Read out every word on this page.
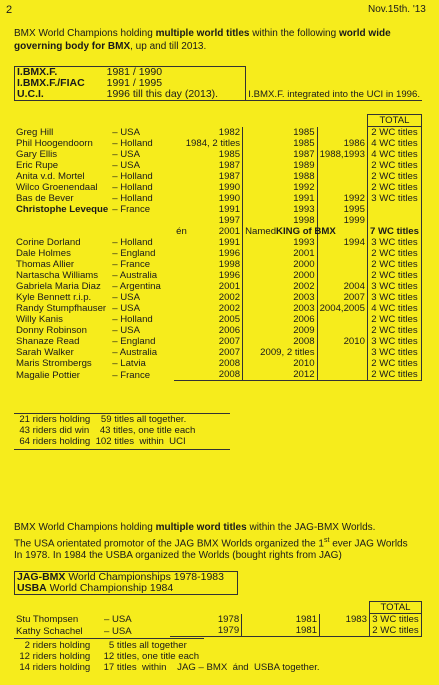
2	Nov.15th. '13
BMX World Champions holding multiple world titles within the following world wide governing body for BMX, up and till 2013.
I.BMX.F.	1981 / 1990	
I.BMX.F./FIAC	1991 / 1995	
U.C.I.	1996 till this day (2013).	I.BMX.F. integrated into the UCI in 1996.
					TOTAL
Greg Hill	– USA	1982	1985		2 WC titles
Phil Hoogendoorn	– Holland	1984, 2 titles	1985	1986	4 WC titles
Gary Ellis	– USA	1985	1987	1988,1993	4 WC titles
Eric Rupe	– USA	1987	1989		2 WC titles
Anita v.d. Mortel	– Holland	1987	1988		2 WC titles
Wilco Groenendaal	– Holland	1990	1992		2 WC titles
Bas de Bever	– Holland	1990	1991	1992	3 WC titles
Christophe Leveque	– France	1991	1993	1995	
		1997	1998	1999	

		én 2001	Named KING of BMX		7 WC titles
Corine Dorland	– Holland	1991	1993	1994	3 WC titles
Dale Holmes	– England	1996	2001		2 WC titles
Thomas Allier	– France	1998	2000		2 WC titles
Nartascha Williams	– Australia	1996	2000		2 WC titles
Gabriela Maria Diaz	– Argentina	2001	2002	2004	3 WC titles
Kyle Bennett r.i.p.	– USA	2002	2003	2007	3 WC titles
Randy Stumpfhauser	– USA	2002	2003	2004,2005	4 WC titles
Willy Kanis	– Holland	2005	2006		2 WC titles
Donny Robinson	– USA	2006	2009		2 WC titles
Shanaze Read	– England	2007	2008	2010	3 WC titles
Sarah Walker	– Australia	2007	2009, 2 titles		3 WC titles
Maris Strombergs	– Latvia	2008	2010		2 WC titles
Magalie Pottier	– France	2008	2012		2 WC titles
21 riders holding    59 titles all together.
43 riders did win    43 titles, one title each
64 riders holding  102 titles  within  UCI
BMX World Champions holding multiple word titles within the JAG-BMX Worlds.
The USA orientated promotor of the JAG BMX Worlds organized the 1st ever JAG Worlds
In 1978. In 1984 the USBA organized the Worlds (bought rights from JAG)
JAG-BMX World Championships 1978-1983	
USBA World Championship 1984	
					TOTAL
Stu Thompsen	– USA	1978	1981	1983	3 WC titles
Kathy Schachel	– USA	1979	1981		2 WC titles
2 riders holding       5 titles all together
12 riders holding     12 titles, one title each
14 riders holding     17 titles  within    JAG – BMX  ánd  USBA together.
